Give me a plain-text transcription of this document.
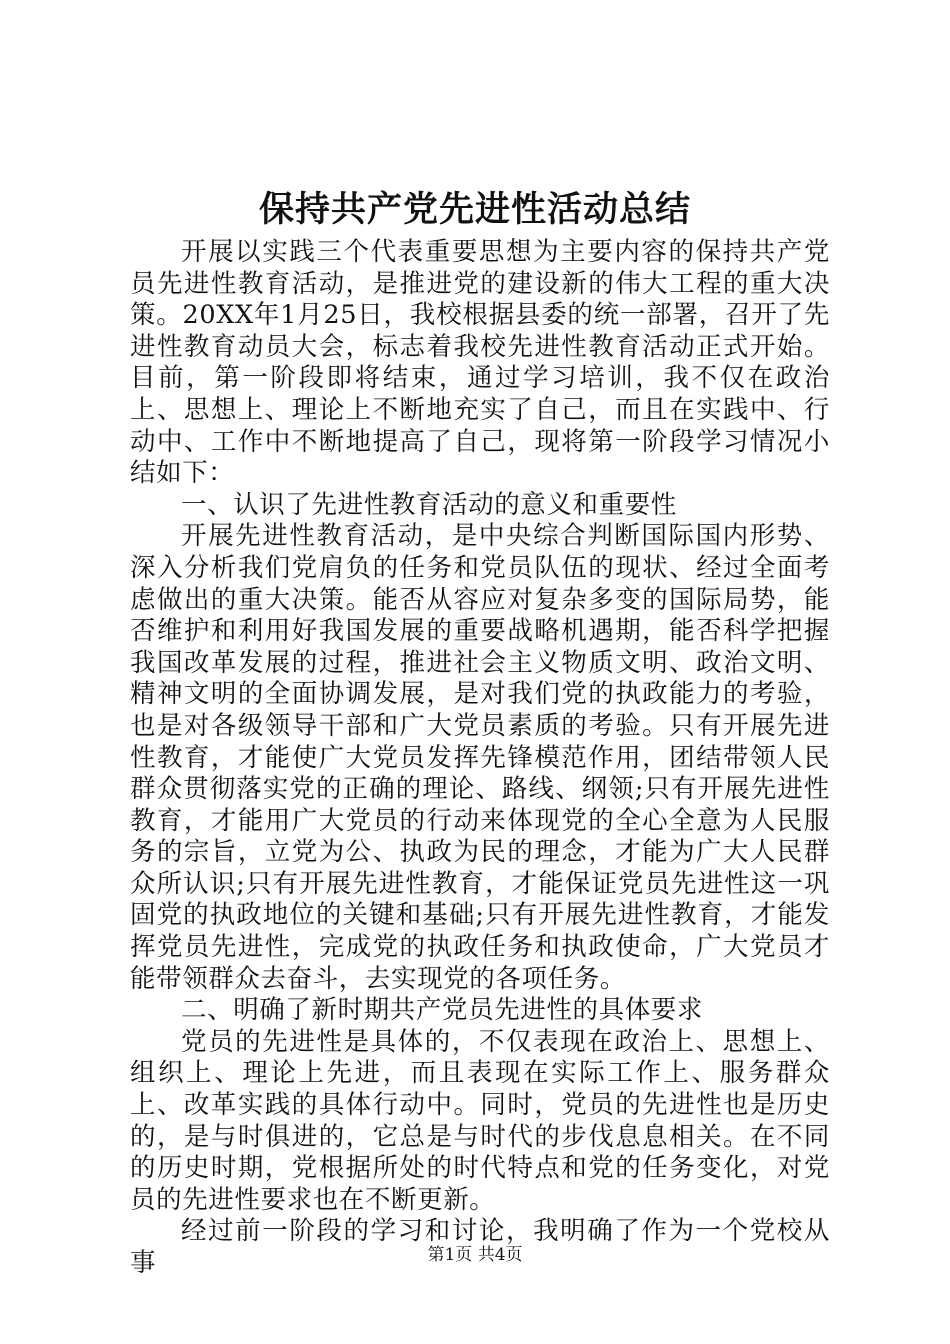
保持共产党先进性活动总结

开展以实践三个代表重要思想为主要内容的保持共产党员先进性教育活动，是推进党的建设新的伟大工程的重大决策。20XX年1月25日，我校根据县委的统一部署，召开了先进性教育动员大会，标志着我校先进性教育活动正式开始。目前，第一阶段即将结束，通过学习培训，我不仅在政治上、思想上、理论上不断地充实了自己，而且在实践中、行动中、工作中不断地提高了自己，现将第一阶段学习情况小结如下：

一、认识了先进性教育活动的意义和重要性

开展先进性教育活动，是中央综合判断国际国内形势、深入分析我们党肩负的任务和党员队伍的现状、经过全面考虑做出的重大决策。能否从容应对复杂多变的国际局势，能否维护和利用好我国发展的重要战略机遇期，能否科学把握我国改革发展的过程，推进社会主义物质文明、政治文明、精神文明的全面协调发展，是对我们党的执政能力的考验，也是对各级领导干部和广大党员素质的考验。只有开展先进性教育，才能使广大党员发挥先锋模范作用，团结带领人民群众贯彻落实党的正确的理论、路线、纲领;只有开展先进性教育，才能用广大党员的行动来体现党的全心全意为人民服务的宗旨，立党为公、执政为民的理念，才能为广大人民群众所认识;只有开展先进性教育，才能保证党员先进性这一巩固党的执政地位的关键和基础;只有开展先进性教育，才能发挥党员先进性，完成党的执政任务和执政使命，广大党员才能带领群众去奋斗，去实现党的各项任务。

二、明确了新时期共产党员先进性的具体要求

党员的先进性是具体的，不仅表现在政治上、思想上、组织上、理论上先进，而且表现在实际工作上、服务群众上、改革实践的具体行动中。同时，党员的先进性也是历史的，是与时俱进的，它总是与时代的步伐息息相关。在不同的历史时期，党根据所处的时代特点和党的任务变化，对党员的先进性要求也在不断更新。

经过前一阶段的学习和讨论，我明确了作为一个党校从事	第1页 共4页
